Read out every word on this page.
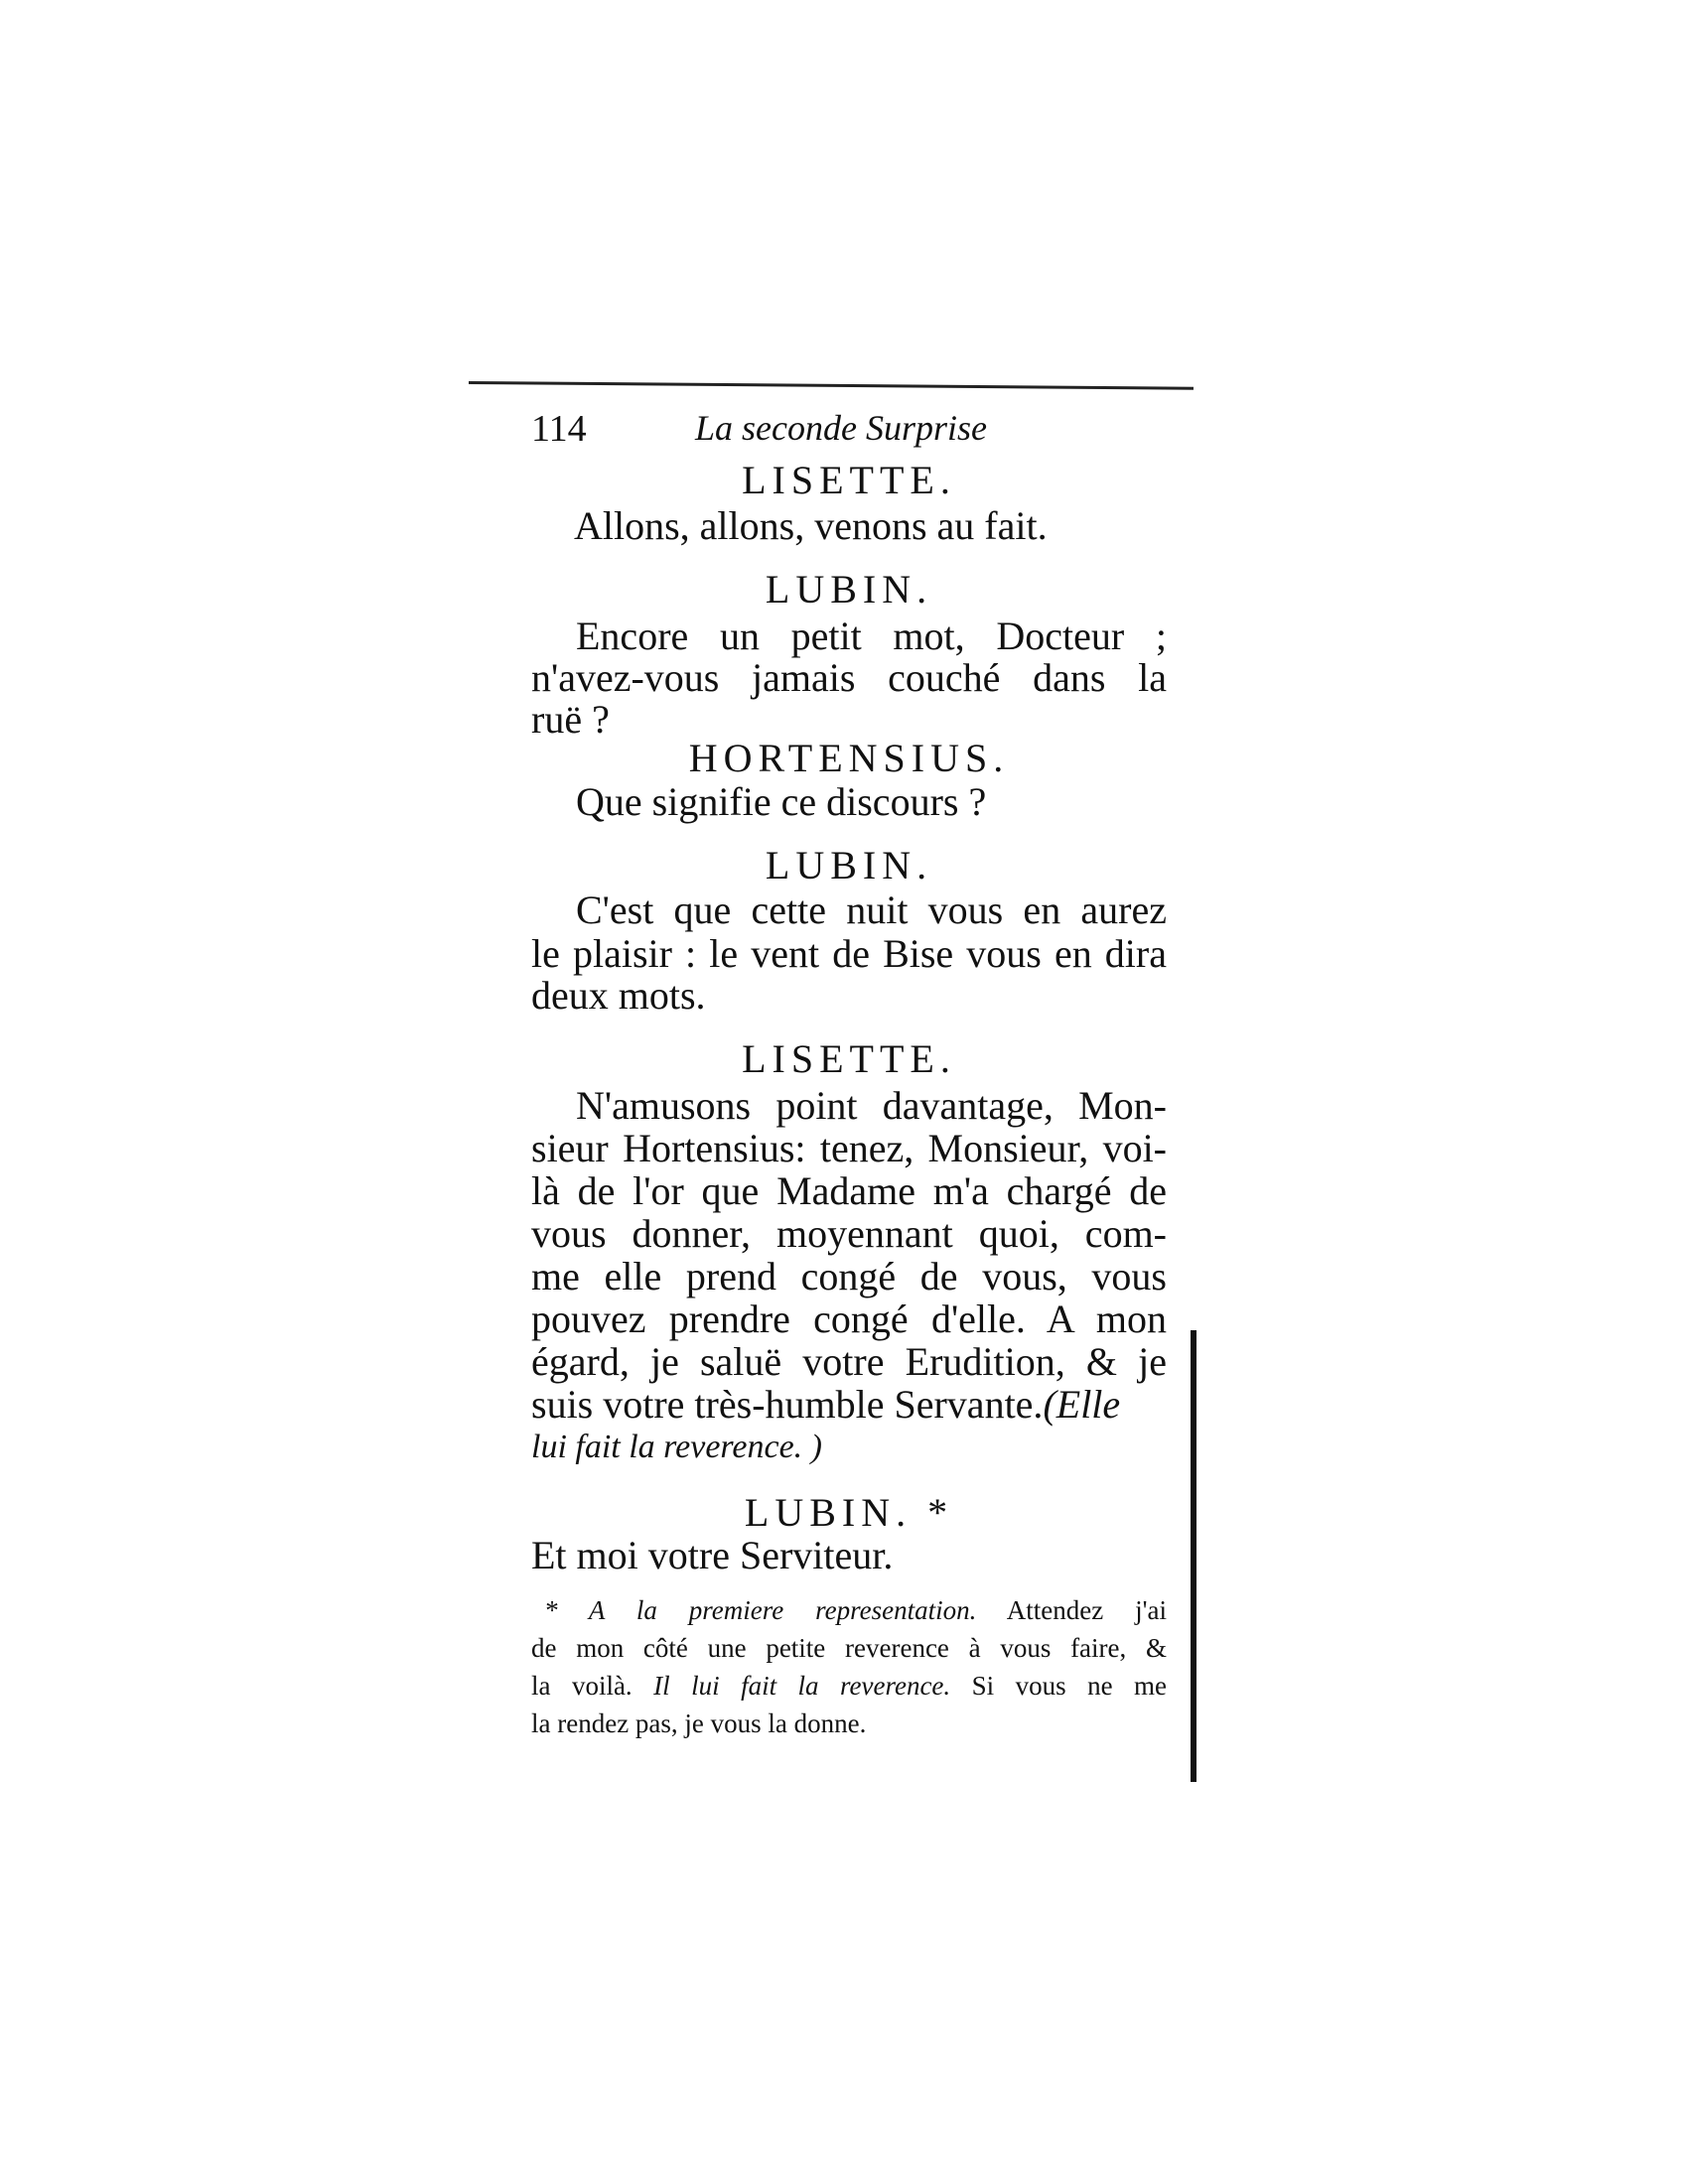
114	La seconde Surprise
LISETTE.
Allons, allons, venons au fait.
LUBIN.
Encore un petit mot, Docteur ;
n'avez-vous jamais couché dans la
ruë ?
HORTENSIUS.
Que signifie ce discours ?
LUBIN.
C'est que cette nuit vous en aurez
le plaisir : le vent de Bise vous en dira
deux mots.
LISETTE.
N'amusons point davantage, Mon-
sieur Hortensius: tenez, Monsieur, voi-
là de l'or que Madame m'a chargé de
vous donner, moyennant quoi, com-
me elle prend congé de vous, vous
pouvez prendre congé d'elle. A mon
égard, je saluë votre Erudition, & je
suis votre très-humble Servante.(Elle
lui fait la reverence. )
LUBIN. *
Et moi votre Serviteur.
* A la premiere representation. Attendez j'ai
de mon côté une petite reverence à vous faire, &
la voilà. Il lui fait la reverence. Si vous ne me
la rendez pas, je vous la donne.
